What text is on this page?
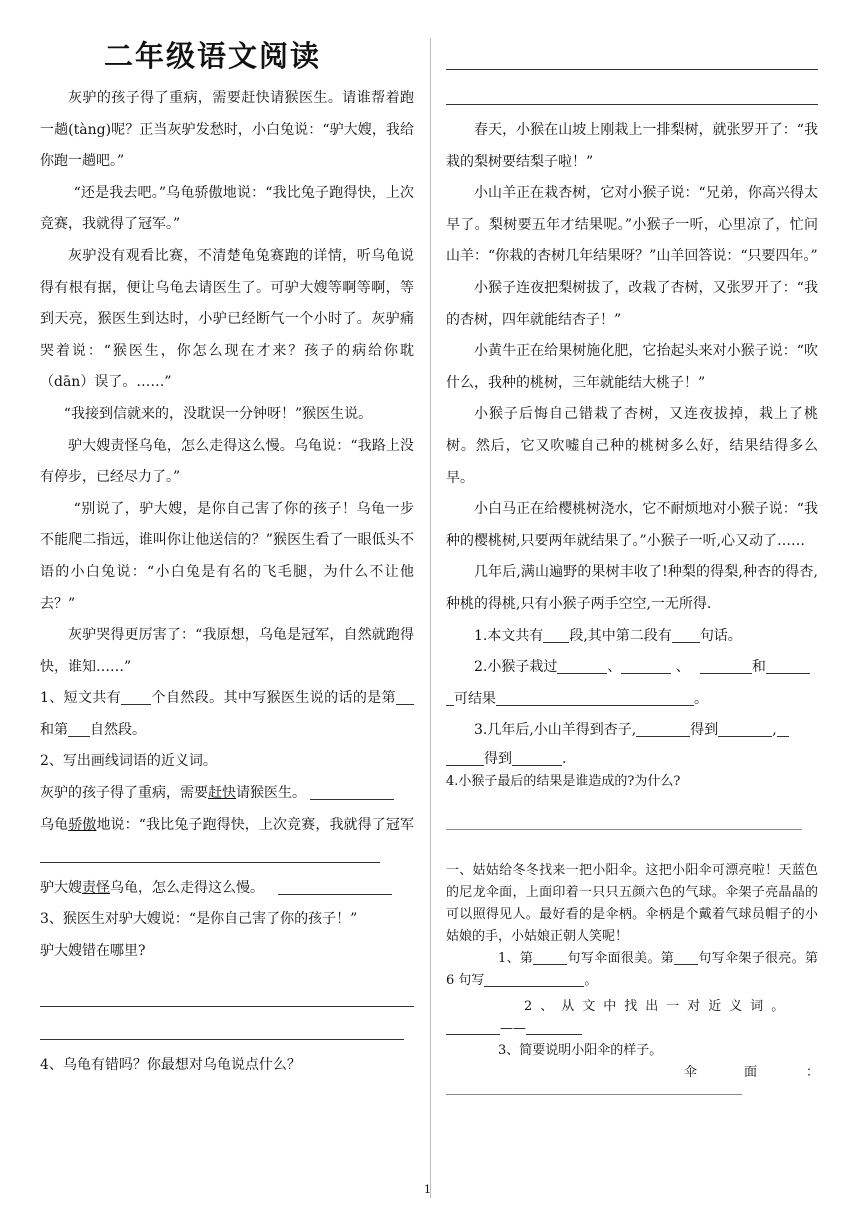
二年级语文阅读

灰驴的孩子得了重病，需要赶快请猴医生。请谁帮着跑一趟(tàng)呢？正当灰驴发愁时，小白兔说：“驴大嫂，我给你跑一趟吧。”

“还是我去吧。”乌龟骄傲地说：“我比兔子跑得快，上次竞赛，我就得了冠军。”

灰驴没有观看比赛，不清楚龟兔赛跑的详情，听乌龟说得有根有据，便让乌龟去请医生了。可驴大嫂等啊等啊，等到天亮，猴医生到达时，小驴已经断气一个小时了。灰驴痛哭着说：“猴医生，你怎么现在才来？孩子的病给你耽（dān）误了。……”

“我接到信就来的，没耽误一分钟呀！”猴医生说。

驴大嫂责怪乌龟，怎么走得这么慢。乌龟说：“我路上没有停步，已经尽力了。”

“别说了，驴大嫂，是你自己害了你的孩子！乌龟一步不能爬二指远，谁叫你让他送信的？”猴医生看了一眼低头不语的小白兔说：“小白兔是有名的飞毛腿，为什么不让他去？”

灰驴哭得更厉害了：“我原想，乌龟是冠军，自然就跑得快，谁知……”

1、短文共有 个自然段。其中写猴医生说的话的是第和第 自然段。

2、写出画线词语的近义词。

灰驴的孩子得了重病，需要赶快请猴医生。

乌龟骄傲地说：“我比兔子跑得快，上次竞赛，我就得了冠军

驴大嫂责怪乌龟，怎么走得这么慢。

3、猴医生对驴大嫂说：“是你自己害了你的孩子！”

驴大嫂错在哪里?

4、乌龟有错吗？你最想对乌龟说点什么？

春天，小猴在山坡上刚栽上一排梨树，就张罗开了：“我栽的梨树要结梨子啦！”

小山羊正在栽杏树，它对小猴子说：“兄弟，你高兴得太早了。梨树要五年才结果呢。”小猴子一听，心里凉了，忙问山羊：“你栽的杏树几年结果呀？”山羊回答说：“只要四年。”

小猴子连夜把梨树拔了，改栽了杏树，又张罗开了：“我的杏树，四年就能结杏子！”

小黄牛正在给果树施化肥，它抬起头来对小猴子说：“吹什么，我种的桃树，三年就能结大桃子！”

小猴子后悔自己错栽了杏树，又连夜拔掉，栽上了桃树。然后，它又吹嘘自己种的桃树多么好，结果结得多么早。

小白马正在给樱桃树浇水，它不耐烦地对小猴子说：“我种的樱桃树,只要两年就结果了。”小猴子一听,心又动了……

几年后,满山遍野的果树丰收了!种梨的得梨,种杏的得杏,种桃的得桃,只有小猴子两手空空,一无所得.

1.本文共有 段,其中第二段有 句话。

2.小猴子栽过	、	、	和

可结果	。

3.几年后,小山羊得到杏子,	得到	,

得到	.

4.小猴子最后的结果是谁造成的?为什么?

一、姑姑给冬冬找来一把小阳伞。这把小阳伞可漂亮啦！天蓝色的尼龙伞面，上面印着一只只五颜六色的气球。伞架子亮晶晶的可以照得见人。最好看的是伞柄。伞柄是个戴着气球员帽子的小姑娘的手，小姑娘正朝人笑呢！

1、第	句写伞面很美。第 句写伞架子很亮。第 6 句写	。

2、从文中找出一对近义词。

——

3、简要说明小阳伞的样子。

伞	面	：

1
